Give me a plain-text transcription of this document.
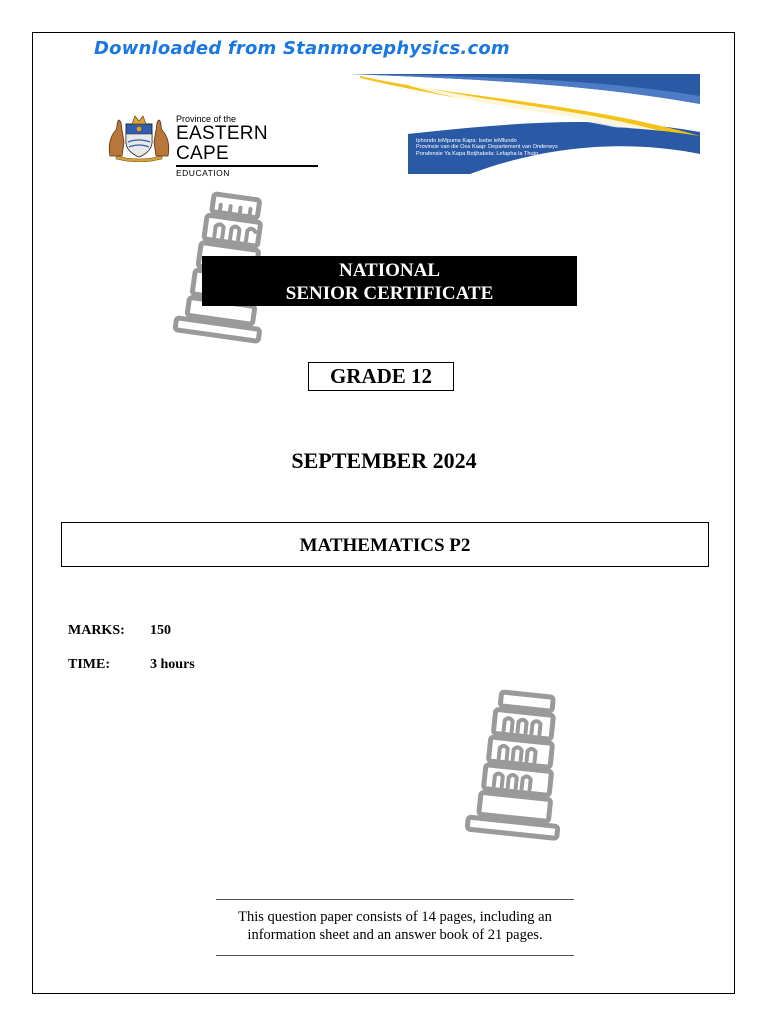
Downloaded from Stanmorephysics.com
Province of the
EASTERN CAPE
EDUCATION
Iphondo leMpuma Kapa: Isebe leMfundo
Provinsie van die Oos Kaap: Departement van Onderwys
Porafensie Ya Kapa Botjhabela: Lefapha la Thuto
NATIONAL
SENIOR CERTIFICATE
GRADE 12
SEPTEMBER 2024
MATHEMATICS P2
MARKS: 150
TIME:	3 hours
This question paper consists of 14 pages, including an
information sheet and an answer book of 21 pages.
